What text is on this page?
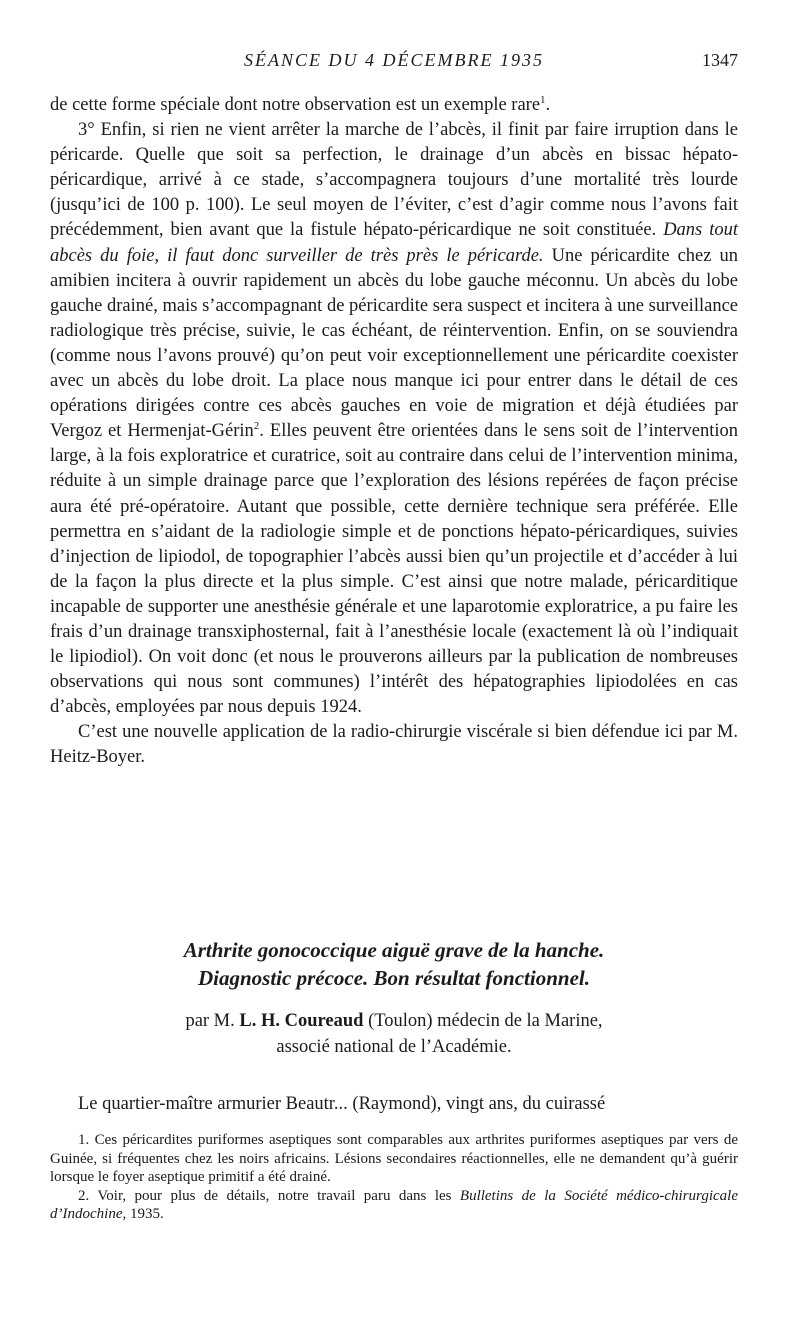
SÉANCE DU 4 DÉCEMBRE 1935	1347

de cette forme spéciale dont notre observation est un exemple rare$^1$.

3° Enfin, si rien ne vient arrêter la marche de l’abcès, il finit par faire irruption dans le péricarde. Quelle que soit sa perfection, le drainage d’un abcès en bissac hépato-péricardique, arrivé à ce stade, s’accompagnera toujours d’une mortalité très lourde (jusqu’ici de 100 p. 100). Le seul moyen de l’éviter, c’est d’agir comme nous l’avons fait précédemment, bien avant que la fistule hépato-péricardique ne soit constituée. Dans tout abcès du foie, il faut donc surveiller de très près le péricarde. Une péricardite chez un amibien incitera à ouvrir rapidement un abcès du lobe gauche méconnu. Un abcès du lobe gauche drainé, mais s’accompagnant de péricardite sera suspect et incitera à une surveillance radiologique très précise, suivie, le cas échéant, de réintervention. Enfin, on se souviendra (comme nous l’avons prouvé) qu’on peut voir exceptionnellement une péricardite coexister avec un abcès du lobe droit. La place nous manque ici pour entrer dans le détail de ces opérations dirigées contre ces abcès gauches en voie de migration et déjà étudiées par Vergoz et Hermenjat-Gérin$^2$. Elles peuvent être orientées dans le sens soit de l’intervention large, à la fois exploratrice et curatrice, soit au contraire dans celui de l’intervention minima, réduite à un simple drainage parce que l’exploration des lésions repérées de façon précise aura été pré-opératoire. Autant que possible, cette dernière technique sera préférée. Elle permettra en s’aidant de la radiologie simple et de ponctions hépato-péricardiques, suivies d’injection de lipiodol, de topographier l’abcès aussi bien qu’un projectile et d’accéder à lui de la façon la plus directe et la plus simple. C’est ainsi que notre malade, péricarditique incapable de supporter une anesthésie générale et une laparotomie exploratrice, a pu faire les frais d’un drainage transxiphosternal, fait à l’anesthésie locale (exactement là où l’indiquait le lipiodiol). On voit donc (et nous le prouverons ailleurs par la publication de nombreuses observations qui nous sont communes) l’intérêt des hépatographies lipiodolées en cas d’abcès, employées par nous depuis 1924.

C’est une nouvelle application de la radio-chirurgie viscérale si bien défendue ici par M. Heitz-Boyer.

Arthrite gonococcique aiguë grave de la hanche.
Diagnostic précoce. Bon résultat fonctionnel.
par M. L. H. Coureaud (Toulon) médecin de la Marine,
associé national de l’Académie.
Le quartier-maître armurier Beautr... (Raymond), vingt ans, du cuirassé

1. Ces péricardites puriformes aseptiques sont comparables aux arthrites puriformes aseptiques par vers de Guinée, si fréquentes chez les noirs africains. Lésions secondaires réactionnelles, elle ne demandent qu’à guérir lorsque le foyer aseptique primitif a été drainé.

2. Voir, pour plus de détails, notre travail paru dans les Bulletins de la Société médico-chirurgicale d’Indochine, 1935.
